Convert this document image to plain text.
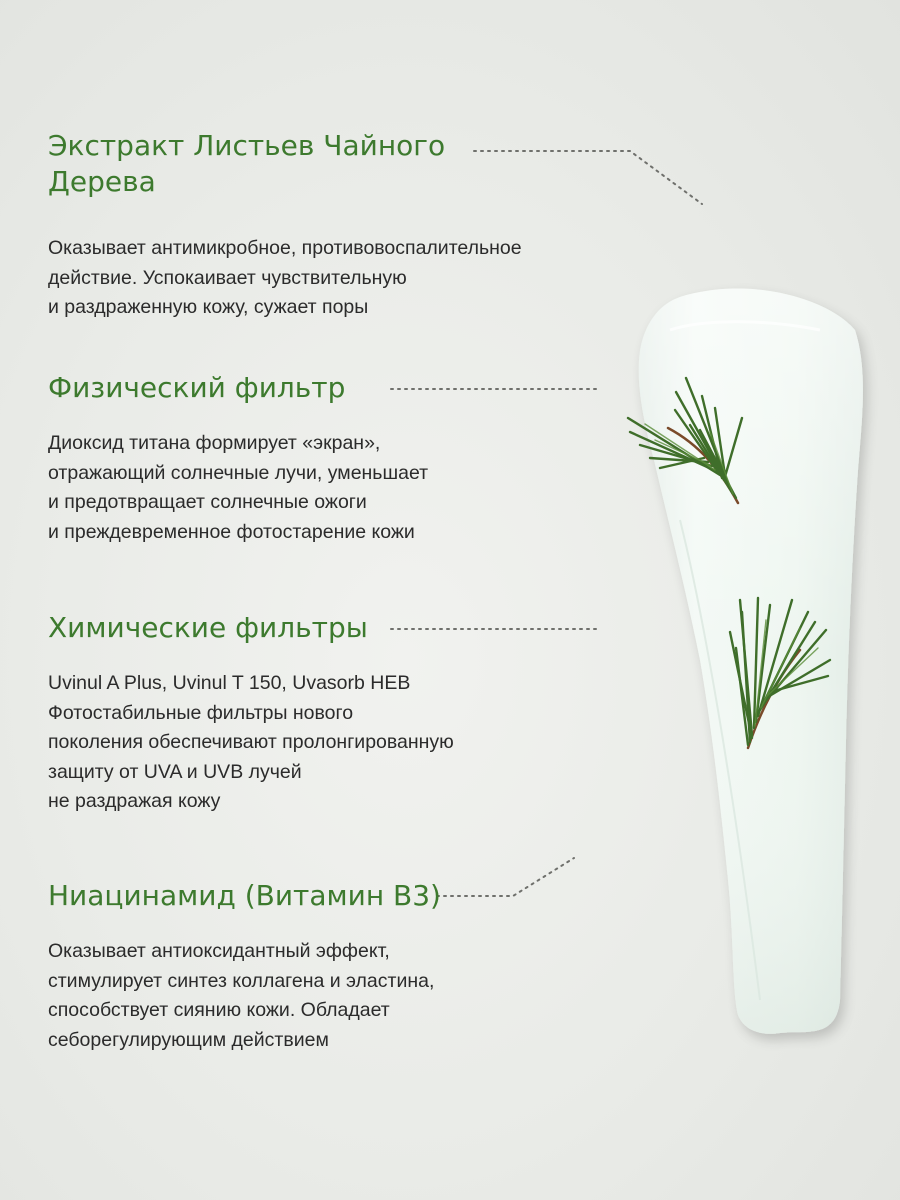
Экстракт Листьев Чайного
Дерева

Оказывает антимикробное, противовоспалительное
действие. Успокаивает чувствительную
и раздраженную кожу, сужает поры

Физический фильтр

Диоксид титана формирует «экран»,
отражающий солнечные лучи, уменьшает
и предотвращает солнечные ожоги
и преждевременное фотостарение кожи

Химические фильтры

Uvinul A Plus, Uvinul T 150, Uvasorb HEB
Фотостабильные фильтры нового
поколения обеспечивают пролонгированную
защиту от UVA и UVB лучей
не раздражая кожу

Ниацинамид (Витамин B3)

Оказывает антиоксидантный эффект,
стимулирует синтез коллагена и эластина,
способствует сиянию кожи. Обладает
себорегулирующим действием
